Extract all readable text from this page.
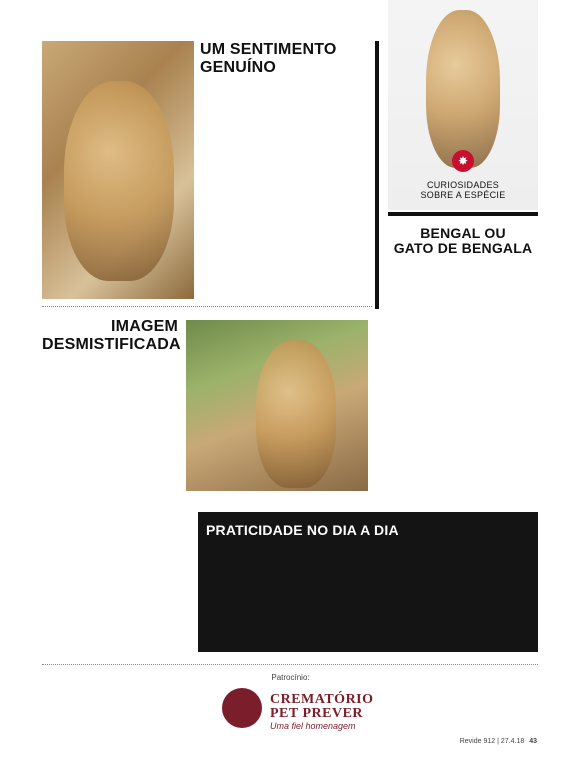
UM SENTIMENTO
GENUÍNO
✸
CURIOSIDADES
SOBRE A ESPÉCIE
BENGAL OU
GATO DE BENGALA
IMAGEM
DESMISTIFICADA
PRATICIDADE NO DIA A DIA
Patrocínio:
CREMATÓRIO
PET PREVER
Uma fiel homenagem
Revide 912 | 27.4.18 43
